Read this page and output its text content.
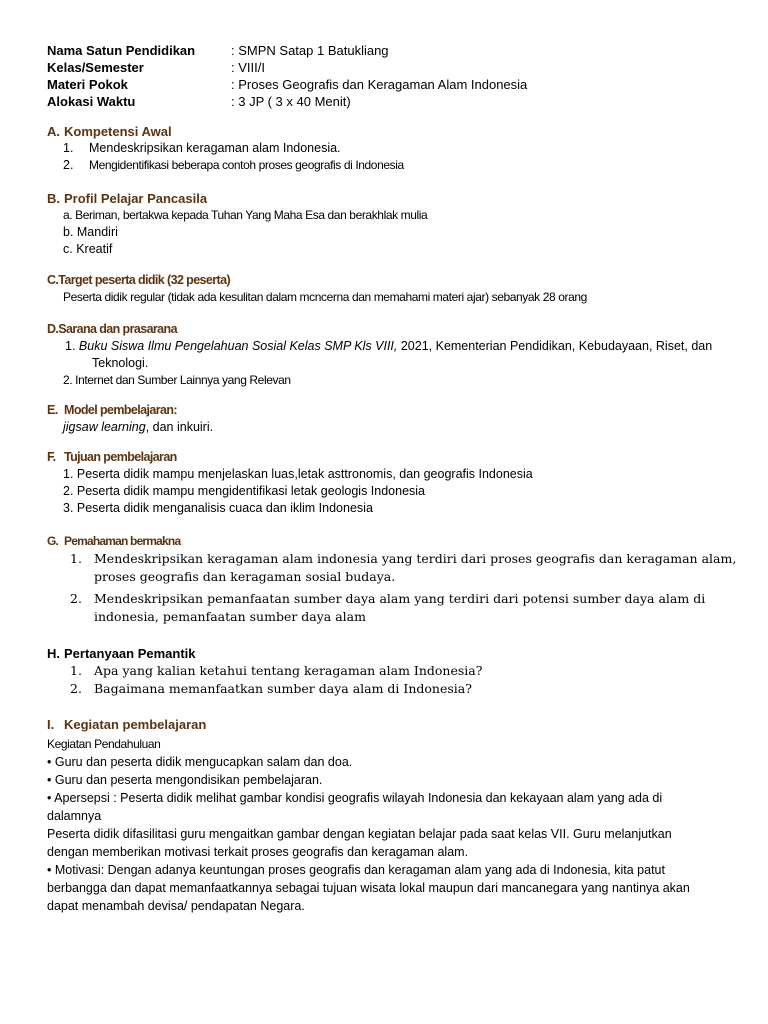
Nama Satun Pendidikan	: SMPN Satap 1 Batukliang
Kelas/Semester	: VIII/I
Materi Pokok	: Proses Geografis dan Keragaman Alam Indonesia
Alokasi Waktu	: 3 JP ( 3 x 40 Menit)
A. Kompetensi Awal
1.	Mendeskripsikan keragaman alam Indonesia.
2.	Mengidentifikasi beberapa contoh proses geografis di Indonesia
B. Profil Pelajar Pancasila
a. Beriman, bertakwa kepada Tuhan Yang Maha Esa dan berakhlak mulia
b. Mandiri
c. Kreatif
C.Target peserta didik (32 peserta)
Peserta didik regular (tidak ada kesulitan dalam mcncerna dan memahami materi ajar) sebanyak 28 orang
D.Sarana dan prasarana
1. Buku Siswa Ilmu Pengelahuan Sosial Kelas SMP Kls VIII, 2021, Kementerian Pendidikan, Kebudayaan, Riset, dan
Teknologi.
2. Internet dan Sumber Lainnya yang Relevan
E. Model pembelajaran:
jigsaw learning, dan inkuiri.
F. Tujuan pembelajaran
1. Peserta didik mampu menjelaskan luas,letak asttronomis, dan geografis Indonesia
2. Peserta didik mampu mengidentifikasi letak geologis Indonesia
3. Peserta didik menganalisis cuaca dan iklim Indonesia
G. Pemahaman bermakna
1. Mendeskripsikan keragaman alam indonesia yang terdiri dari proses geografis dan keragaman alam,
proses geografis dan keragaman sosial budaya.
2. Mendeskripsikan pemanfaatan sumber daya alam yang terdiri dari potensi sumber daya alam di
indonesia, pemanfaatan sumber daya alam
H. Pertanyaan Pemantik
1. Apa yang kalian ketahui tentang keragaman alam Indonesia?
2. Bagaimana memanfaatkan sumber daya alam di Indonesia?
I. Kegiatan pembelajaran
Kegiatan Pendahuluan
• Guru dan peserta didik mengucapkan salam dan doa.
• Guru dan peserta mengondisikan pembelajaran.
• Apersepsi : Peserta didik melihat gambar kondisi geografis wilayah Indonesia dan kekayaan alam yang ada di
dalamnya
Peserta didik difasilitasi guru mengaitkan gambar dengan kegiatan belajar pada saat kelas VII. Guru melanjutkan
dengan memberikan motivasi terkait proses geografis dan keragaman alam.
• Motivasi: Dengan adanya keuntungan proses geografis dan keragaman alam yang ada di Indonesia, kita patut
berbangga dan dapat memanfaatkannya sebagai tujuan wisata lokal maupun dari mancanegara yang nantinya akan
dapat menambah devisa/ pendapatan Negara.
